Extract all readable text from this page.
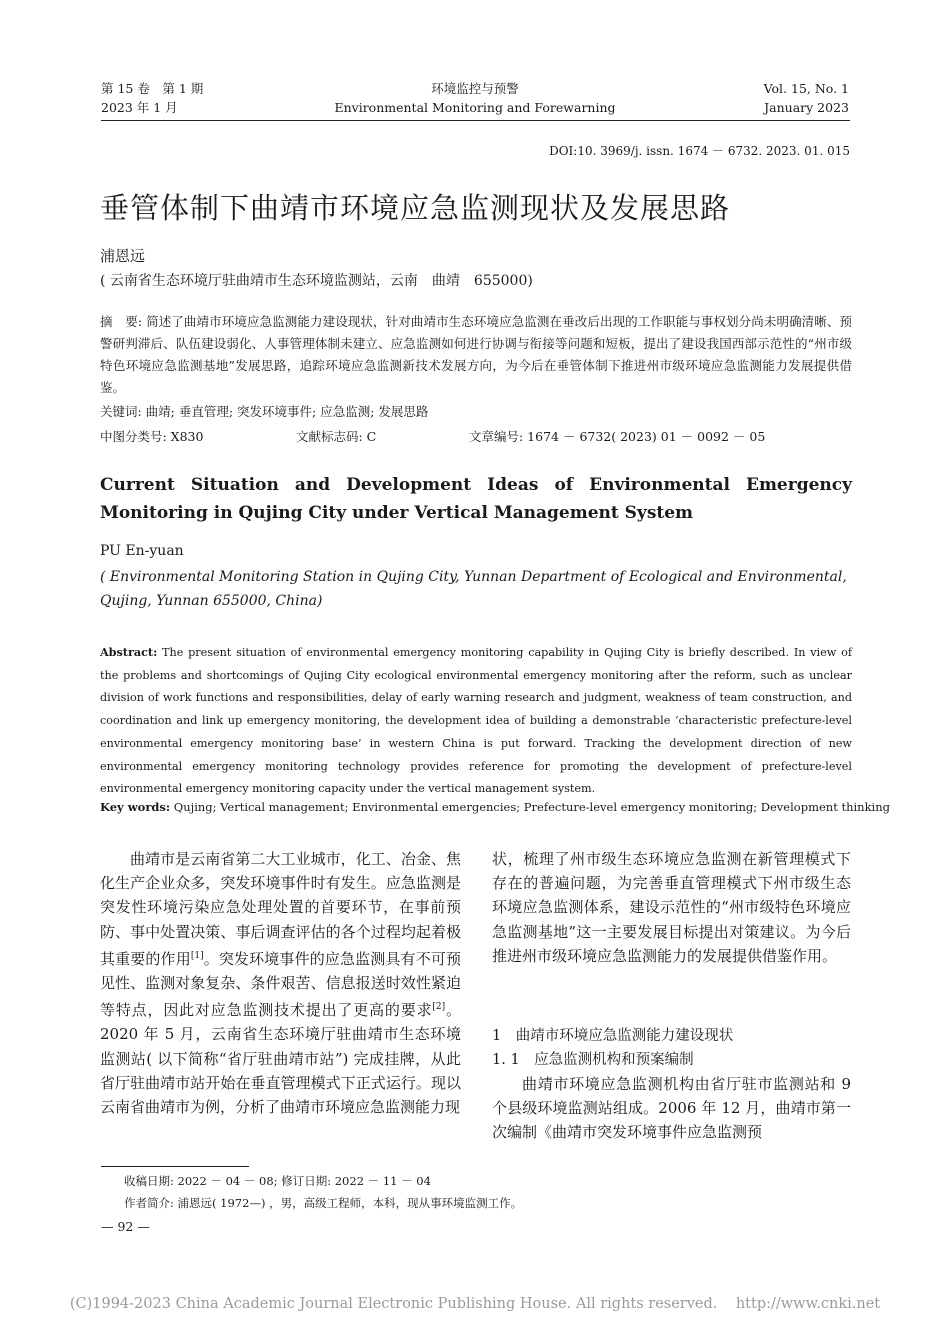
第 15 卷　第 1 期
2023 年 1 月
环境监控与预警
Environmental Monitoring and Forewarning
Vol. 15, No. 1
January 2023
DOI:10. 3969/j. issn. 1674 － 6732. 2023. 01. 015
垂管体制下曲靖市环境应急监测现状及发展思路
浦恩远
( 云南省生态环境厅驻曲靖市生态环境监测站，云南　曲靖　655000)
摘　要: 简述了曲靖市环境应急监测能力建设现状，针对曲靖市生态环境应急监测在垂改后出现的工作职能与事权划分尚未明确清晰、预警研判滞后、队伍建设弱化、人事管理体制未建立、应急监测如何进行协调与衔接等问题和短板，提出了建设我国西部示范性的“州市级特色环境应急监测基地”发展思路，追踪环境应急监测新技术发展方向，为今后在垂管体制下推进州市级环境应急监测能力发展提供借鉴。
关键词: 曲靖; 垂直管理; 突发环境事件; 应急监测; 发展思路
中图分类号: X830	文献标志码: C	文章编号: 1674 － 6732( 2023) 01 － 0092 － 05
Current Situation and Development Ideas of Environmental Emergency Monitoring in Qujing City under Vertical Management System
PU En-yuan
( Environmental Monitoring Station in Qujing City, Yunnan Department of Ecological and Environmental, Qujing, Yunnan 655000, China)
Abstract: The present situation of environmental emergency monitoring capability in Qujing City is briefly described. In view of the problems and shortcomings of Qujing City ecological environmental emergency monitoring after the reform, such as unclear division of work functions and responsibilities, delay of early warning research and judgment, weakness of team construction, and coordination and link up emergency monitoring, the development idea of building a demonstrable ‘characteristic prefecture-level environmental emergency monitoring base’ in western China is put forward. Tracking the development direction of new environmental emergency monitoring technology provides reference for promoting the development of prefecture-level environmental emergency monitoring capacity under the vertical management system.
Key words: Qujing; Vertical management; Environmental emergencies; Prefecture-level emergency monitoring; Development thinking

曲靖市是云南省第二大工业城市，化工、冶金、焦化生产企业众多，突发环境事件时有发生。应急监测是突发性环境污染应急处理处置的首要环节，在事前预防、事中处置决策、事后调查评估的各个过程均起着极其重要的作用[1]。突发环境事件的应急监测具有不可预见性、监测对象复杂、条件艰苦、信息报送时效性紧迫等特点，因此对应急监测技术提出了更高的要求[2]。2020 年 5 月，云南省生态环境厅驻曲靖市生态环境监测站( 以下简称“省厅驻曲靖市站”) 完成挂牌，从此省厅驻曲靖市站开始在垂直管理模式下正式运行。现以云南省曲靖市为例，分析了曲靖市环境应急监测能力现

状，梳理了州市级生态环境应急监测在新管理模式下存在的普遍问题，为完善垂直管理模式下州市级生态环境应急监测体系，建设示范性的“州市级特色环境应急监测基地”这一主要发展目标提出对策建议。为今后推进州市级环境应急监测能力的发展提供借鉴作用。

1　曲靖市环境应急监测能力建设现状
1. 1　应急监测机构和预案编制

曲靖市环境应急监测机构由省厅驻市监测站和 9 个县级环境监测站组成。2006 年 12 月，曲靖市第一次编制《曲靖市突发环境事件应急监测预

收稿日期: 2022 － 04 － 08; 修订日期: 2022 － 11 － 04
作者简介: 浦恩远( 1972—) ，男，高级工程师，本科，现从事环境监测工作。
— 92 —
(C)1994-2023 China Academic Journal Electronic Publishing House. All rights reserved.    http://www.cnki.net
